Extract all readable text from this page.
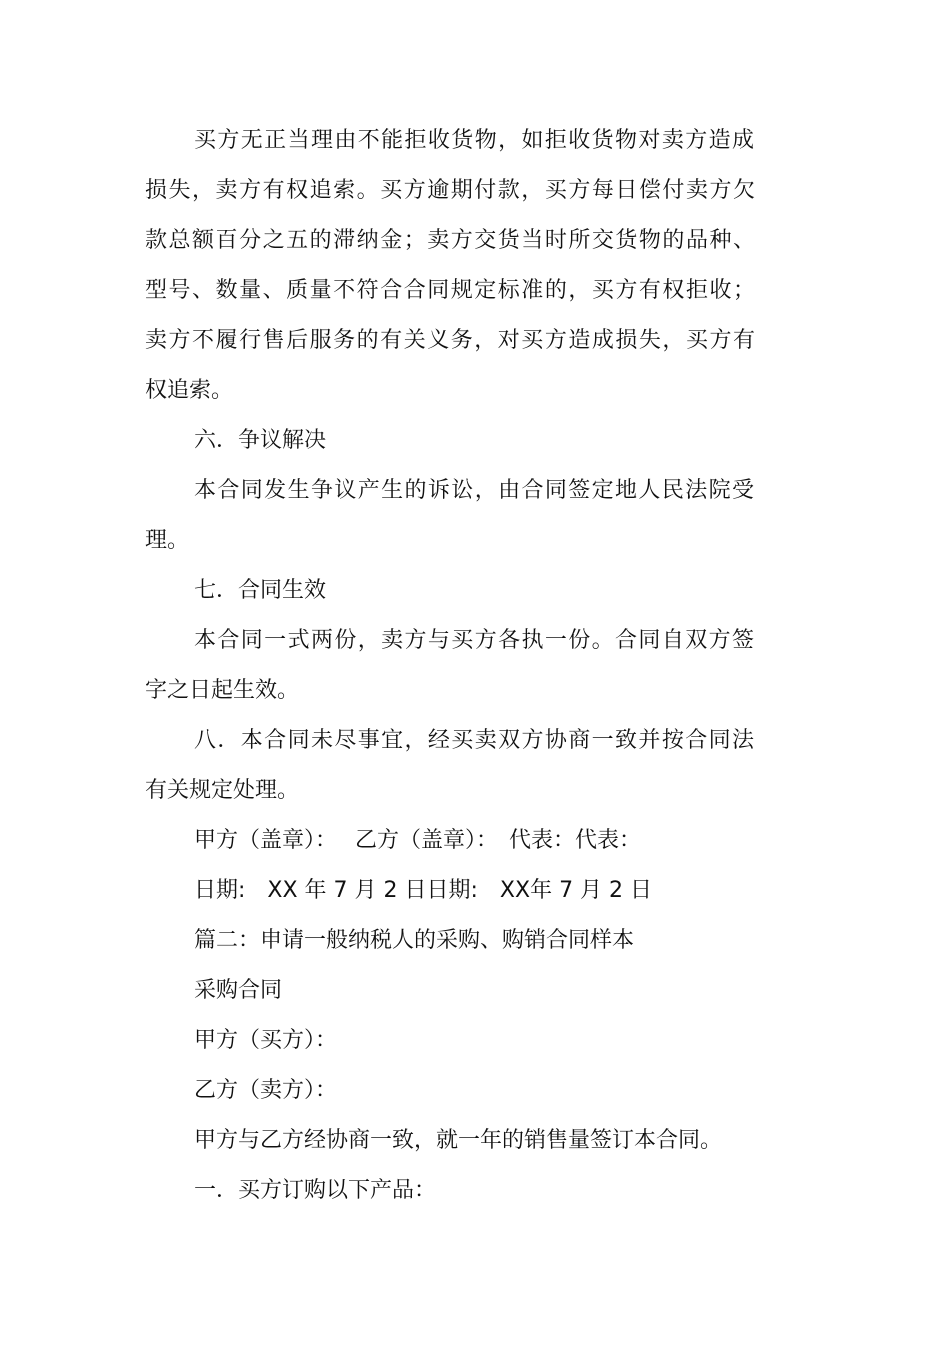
买方无正当理由不能拒收货物，如拒收货物对卖方造成
损失，卖方有权追索。买方逾期付款，买方每日偿付卖方欠
款总额百分之五的滞纳金；卖方交货当时所交货物的品种、
型号、数量、质量不符合合同规定标准的，买方有权拒收；
卖方不履行售后服务的有关义务，对买方造成损失，买方有
权追索。
六．争议解决
本合同发生争议产生的诉讼，由合同签定地人民法院受
理。
七．合同生效
本合同一式两份，卖方与买方各执一份。合同自双方签
字之日起生效。
八．本合同未尽事宜，经买卖双方协商一致并按合同法
有关规定处理。
甲方（盖章）：　 乙方（盖章）：　代表：代表：
日期:　XX 年 7 月 2 日日期:　XX年 7 月 2 日
篇二：申请一般纳税人的采购、购销合同样本
采购合同
甲方（买方）：
乙方（卖方）：
甲方与乙方经协商一致，就一年的销售量签订本合同。
一．买方订购以下产品：
